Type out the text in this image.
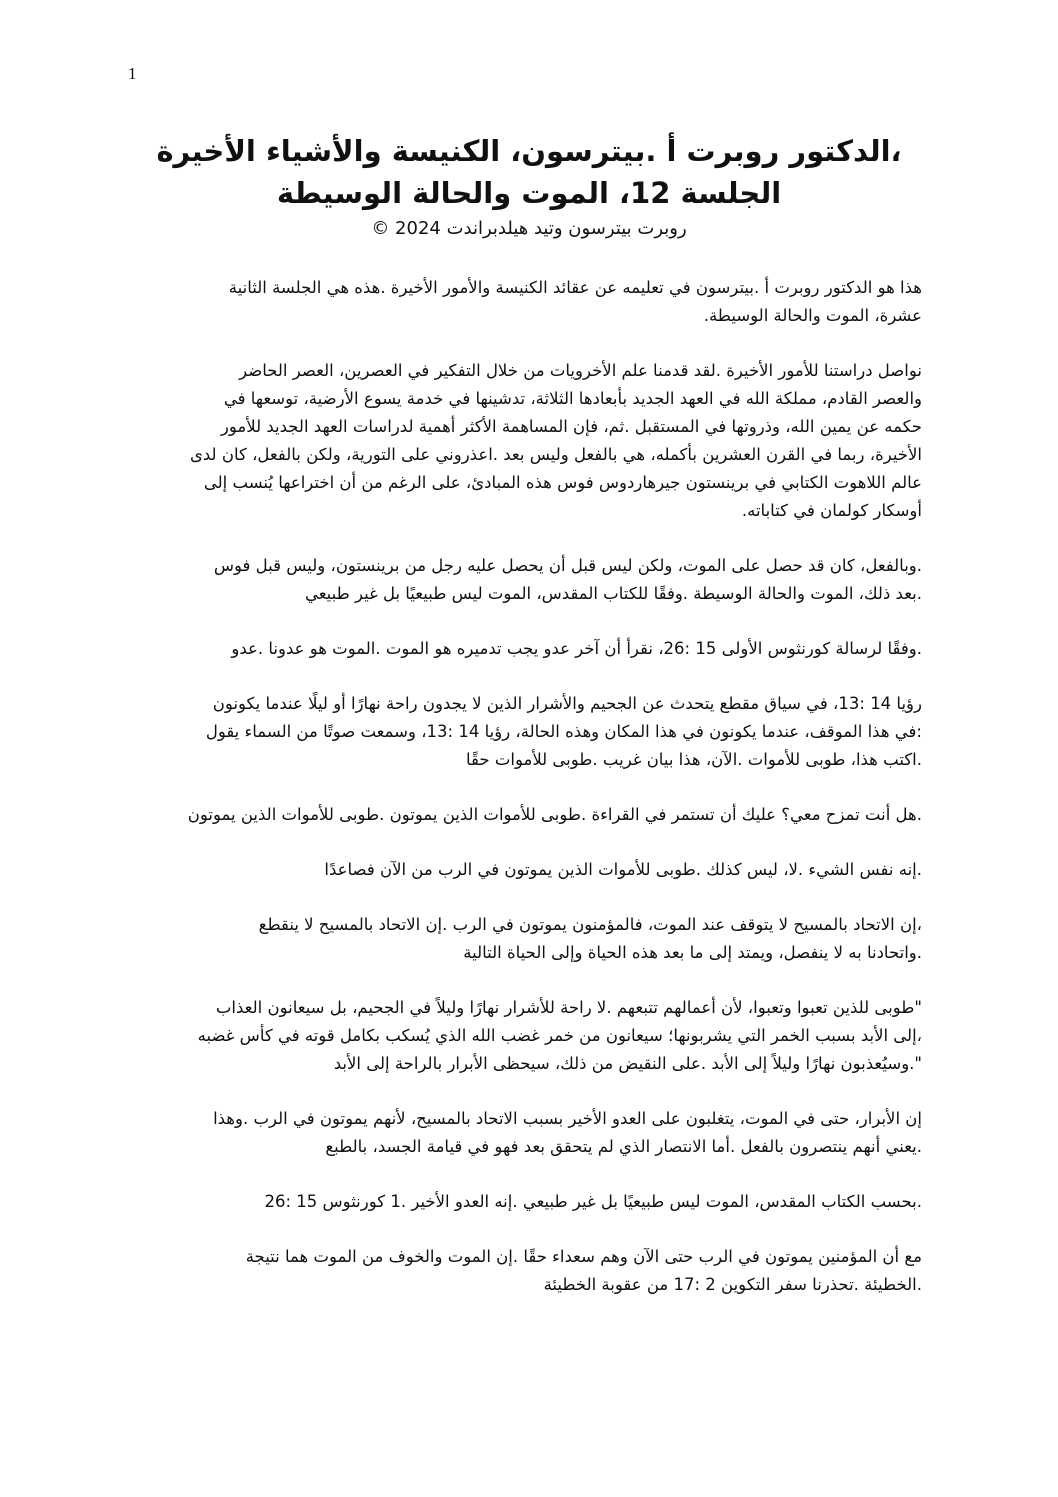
1
،الدكتور روبرت أ .بيترسون، الكنيسة والأشياء الأخيرة
الجلسة 12، الموت والحالة الوسيطة
روبرت بيترسون وتيد هيلدبراندت 2024 ©
هذا هو الدكتور روبرت أ .بيترسون في تعليمه عن عقائد الكنيسة والأمور الأخيرة .هذه هي الجلسة الثانية
عشرة، الموت والحالة الوسيطة.
نواصل دراستنا للأمور الأخيرة .لقد قدمنا علم الأخرويات من خلال التفكير في العصرين، العصر الحاضر
والعصر القادم، مملكة الله في العهد الجديد بأبعادها الثلاثة، تدشينها في خدمة يسوع الأرضية، توسعها في
حكمه عن يمين الله، وذروتها في المستقبل .ثم، فإن المساهمة الأكثر أهمية لدراسات العهد الجديد للأمور
الأخيرة، ربما في القرن العشرين بأكمله، هي بالفعل وليس بعد .اعذروني على التورية، ولكن بالفعل، كان لدى
عالم اللاهوت الكتابي في برينستون جيرهاردوس فوس هذه المبادئ، على الرغم من أن اختراعها يُنسب إلى
أوسكار كولمان في كتاباته.
.وبالفعل، كان قد حصل على الموت، ولكن ليس قبل أن يحصل عليه رجل من برينستون، وليس قبل فوس
.بعد ذلك، الموت والحالة الوسيطة .وفقًا للكتاب المقدس، الموت ليس طبيعيًا بل غير طبيعي
.وفقًا لرسالة كورنثوس الأولى 15 :26، نقرأ أن آخر عدو يجب تدميره هو الموت .الموت هو عدونا .عدو
رؤيا 14 :13، في سياق مقطع يتحدث عن الجحيم والأشرار الذين لا يجدون راحة نهارًا أو ليلًا عندما يكونون
:في هذا الموقف، عندما يكونون في هذا المكان وهذه الحالة، رؤيا 14 :13، وسمعت صوتًا من السماء يقول
.اكتب هذا، طوبى للأموات .الآن، هذا بيان غريب .طوبى للأموات حقًا
.هل أنت تمزح معي؟ عليك أن تستمر في القراءة .طوبى للأموات الذين يموتون .طوبى للأموات الذين يموتون
.إنه نفس الشيء .لا، ليس كذلك .طوبى للأموات الذين يموتون في الرب من الآن فصاعدًا
،إن الاتحاد بالمسيح لا يتوقف عند الموت، فالمؤمنون يموتون في الرب .إن الاتحاد بالمسيح لا ينقطع
.واتحادنا به لا ينفصل، ويمتد إلى ما بعد هذه الحياة وإلى الحياة التالية
"طوبى للذين تعبوا وتعبوا، لأن أعمالهم تتبعهم .لا راحة للأشرار نهارًا وليلاً في الجحيم، بل سيعانون العذاب
،إلى الأبد بسبب الخمر التي يشربونها؛ سيعانون من خمر غضب الله الذي يُسكب بكامل قوته في كأس غضبه
".وسيُعذبون نهارًا وليلاً إلى الأبد .على النقيض من ذلك، سيحظى الأبرار بالراحة إلى الأبد
إن الأبرار، حتى في الموت، يتغلبون على العدو الأخير بسبب الاتحاد بالمسيح، لأنهم يموتون في الرب .وهذا
.يعني أنهم ينتصرون بالفعل .أما الانتصار الذي لم يتحقق بعد فهو في قيامة الجسد، بالطبع
.بحسب الكتاب المقدس، الموت ليس طبيعيًا بل غير طبيعي .إنه العدو الأخير .1 كورنثوس 15 :26
مع أن المؤمنين يموتون في الرب حتى الآن وهم سعداء حقًا .إن الموت والخوف من الموت هما نتيجة
.الخطيئة .تحذرنا سفر التكوين 2 :17 من عقوبة الخطيئة
